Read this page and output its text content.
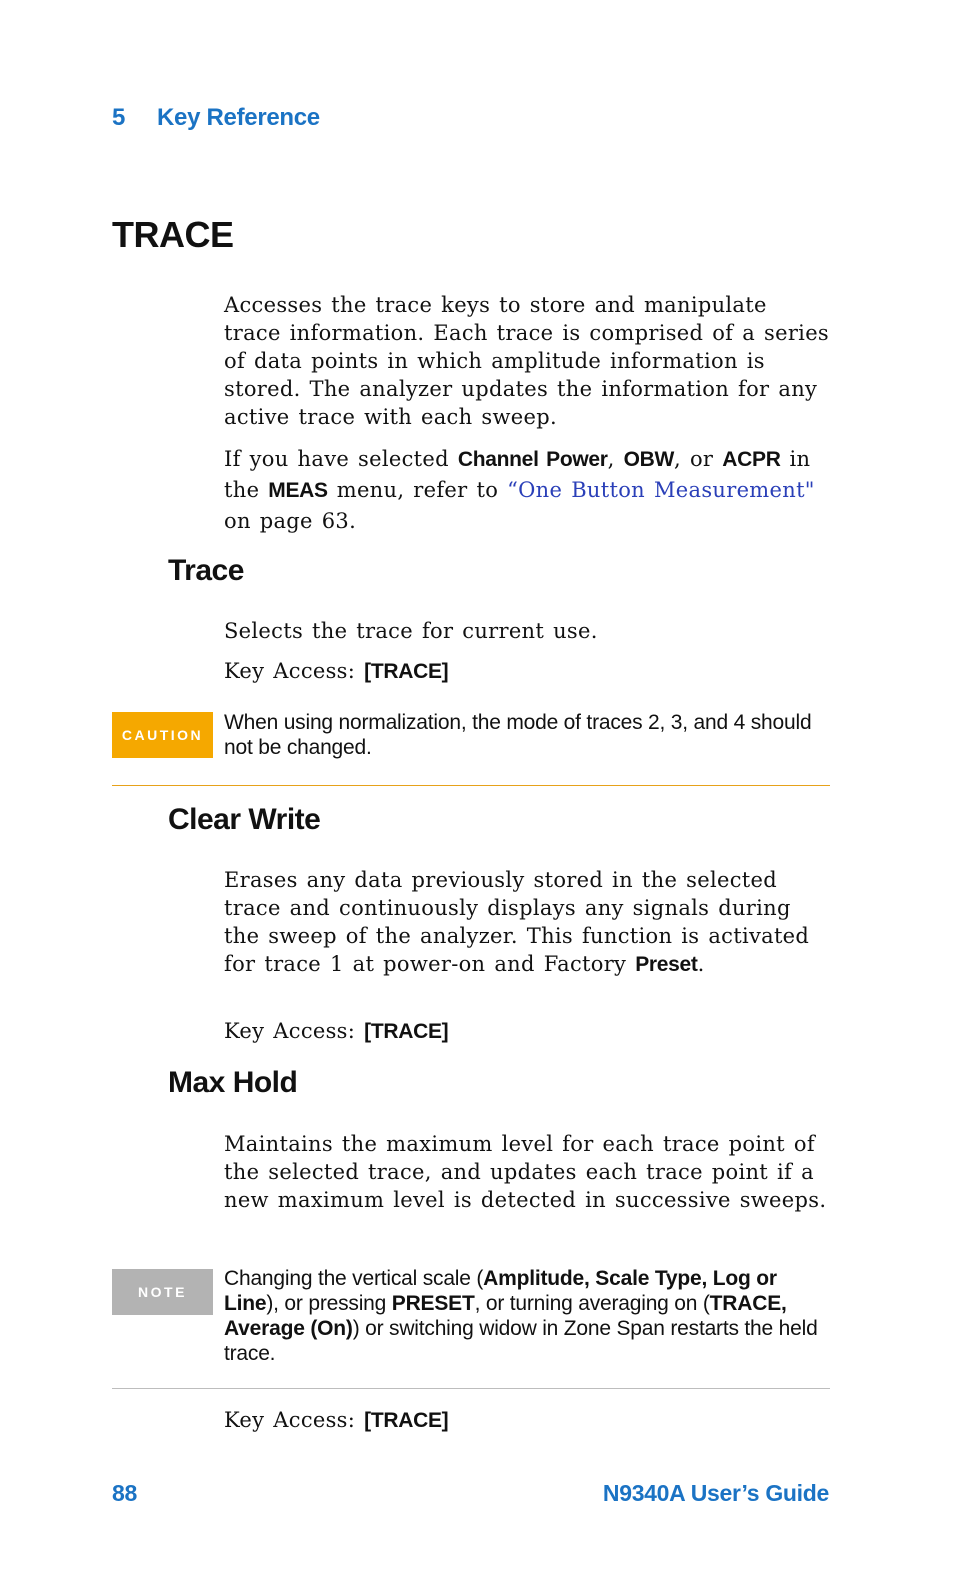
5 Key Reference
TRACE

Accesses the trace keys to store and manipulate trace information. Each trace is comprised of a series of data points in which amplitude information is stored. The analyzer updates the information for any active trace with each sweep.

If you have selected Channel Power, OBW, or ACPR in the MEAS menu, refer to “One Button Measurement" on page 63.

Trace

Selects the trace for current use.

Key Access: [TRACE]

CAUTION

When using normalization, the mode of traces 2, 3, and 4 should not be changed.

Clear Write

Erases any data previously stored in the selected trace and continuously displays any signals during the sweep of the analyzer. This function is activated for trace 1 at power-on and Factory Preset.

Key Access: [TRACE]

Max Hold

Maintains the maximum level for each trace point of the selected trace, and updates each trace point if a new maximum level is detected in successive sweeps.

NOTE

Changing the vertical scale (Amplitude, Scale Type, Log or Line), or pressing PRESET, or turning averaging on (TRACE, Average (On)) or switching widow in Zone Span restarts the held trace.

Key Access: [TRACE]

88	N9340A User’s Guide
